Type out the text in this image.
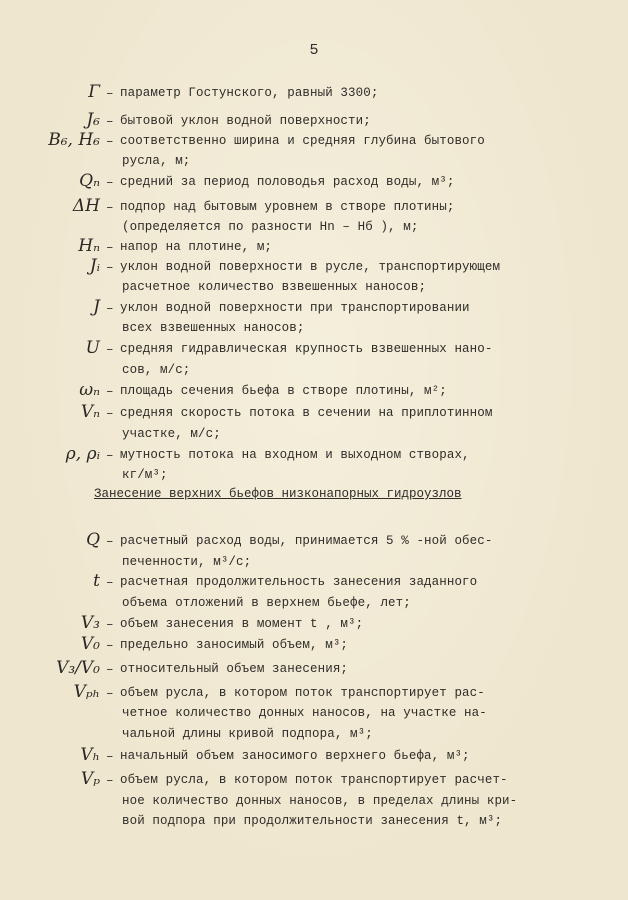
5
Γ – параметр Гостунского, равный 3300;
J₆ – бытовой уклон водной поверхности;
B₆, H₆ – соответственно ширина и средняя глубина бытового
русла, м;
Qₙ – средний за период половодья расход воды, м³;
ΔH – подпор над бытовым уровнем в створе плотины;
(определяется по разности Hn – Hб ), м;
Hₙ – напор на плотине, м;
Jᵢ – уклон водной поверхности в русле, транспортирующем
расчетное количество взвешенных наносов;
J – уклон водной поверхности при транспортировании
всех взвешенных наносов;
U – средняя гидравлическая крупность взвешенных нано-
сов, м/с;
ωₙ – площадь сечения бьефа в створе плотины, м²;
Vₙ – средняя скорость потока в сечении на приплотинном
участке, м/с;
ρ, ρᵢ – мутность потока на входном и выходном створах,
кг/м³;
Занесение верхних бьефов низконапорных гидроузлов
Q – расчетный расход воды, принимается 5 % -ной обес-
печенности, м³/с;
t – расчетная продолжительность занесения заданного
объема отложений в верхнем бьефе, лет;
V₃ – объем занесения в момент t , м³;
V₀ – предельно заносимый объем, м³;
V₃/V₀ – относительный объем занесения;
Vₚₕ – объем русла, в котором поток транспортирует рас-
четное количество донных наносов, на участке на-
чальной длины кривой подпора, м³;
Vₕ – начальный объем заносимого верхнего бьефа, м³;
Vₚ – объем русла, в котором поток транспортирует расчет-
ное количество донных наносов, в пределах длины кри-
вой подпора при продолжительности занесения t, м³;
